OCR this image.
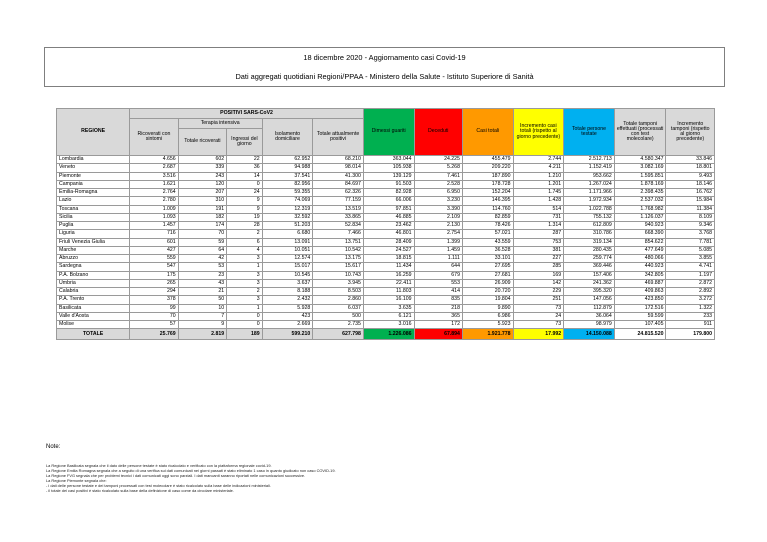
18 dicembre 2020 - Aggiornamento casi Covid-19
Dati aggregati quotidiani Regioni/PPAA - Ministero della Salute - Istituto Superiore di Sanità
REGIONE	POSITIVI SARS-CoV2					Dimessi guariti	Deceduti	Casi totali	Incremento casi totali (rispetto al giorno precedente)	Totale persone testate	Totale tamponi effettuati (processati con test molecolare)	Incremento tamponi (rispetto al giorno precedente)
	Ricoverati con sintomi	Terapia intensiva		Isolamento domiciliare	Totale attualmente positivi							
		Totale ricoverati	Ingressi del giorno									
Lombardia	4.656	602	22	62.952	68.210	363.044	24.225	455.479	2.744	2.512.713	4.580.347	33.846
Veneto	2.687	339	36	94.988	98.014	105.938	5.268	209.220	4.211	1.152.419	3.082.169	18.801
Piemonte	3.516	243	14	37.541	41.300	139.129	7.461	187.890	1.210	953.662	1.595.851	9.493
Campania	1.621	120	0	82.956	84.697	91.503	2.528	178.728	1.201	1.267.024	1.878.169	18.146
Emilia-Romagna	2.764	207	24	59.355	62.326	82.928	6.950	152.204	1.745	1.171.966	2.398.435	16.762
Lazio	2.780	310	9	74.069	77.159	66.006	3.230	146.395	1.428	1.972.934	2.537.032	15.984
Toscana	1.009	191	9	12.319	13.519	97.851	3.390	114.760	514	1.022.788	1.768.982	11.384
Sicilia	1.093	182	19	32.592	33.865	46.885	2.109	82.859	731	755.132	1.126.037	8.109
Puglia	1.457	174	28	51.203	52.834	23.462	2.130	78.426	1.314	612.809	940.923	9.346
Liguria	716	70	2	6.680	7.466	46.801	2.754	57.021	287	310.786	668.390	3.768
Friuli Venezia Giulia	601	59	6	13.091	13.751	28.409	1.399	43.559	753	319.134	854.622	7.781
Marche	427	64	4	10.051	10.542	24.527	1.459	36.528	381	280.435	477.649	5.085
Abruzzo	559	42	3	12.574	13.175	18.815	1.111	33.101	227	259.774	480.066	3.855
Sardegna	547	53	1	15.017	15.617	11.434	644	27.695	285	369.446	440.923	4.741
P.A. Bolzano	175	23	3	10.545	10.743	16.259	679	27.681	169	157.406	342.805	1.197
Umbria	265	43	3	3.637	3.945	22.411	553	26.909	142	241.362	469.887	2.872
Calabria	294	21	2	8.188	8.503	11.803	414	20.720	229	395.320	409.863	2.892
P.A. Trento	378	50	3	2.432	2.860	16.109	835	19.804	251	147.056	423.850	3.272
Basilicata	99	10	1	5.928	6.037	3.635	218	9.890	73	112.879	172.516	1.322
Valle d'Aosta	70	7	0	423	500	6.121	365	6.986	24	36.064	59.599	233
Molise	57	9	0	2.669	2.735	3.016	172	5.923	73	98.979	107.405	911
TOTALE	25.769	2.819	189	599.210	627.798	1.226.086	67.894	1.921.778	17.992	14.150.088	24.815.520	179.800
Note:
La Regione Basilicata segnala che il dato delle persone testate è stato ricalcolato e verificato con la piattaforma regionale covid-19.
La Regione Emilia Romagna segnala che a seguito di una verifica sui dati comunicati nei giorni passati è stato eliminato 1 caso in quanto giudicato non caso COVID-19.
La Regione FVG segnala che per problemi tecnici i dati comunicati oggi sono parziali. I dati mancanti saranno riportati nelle comunicazioni successive.
La Regione Piemonte segnala che:
- i dati delle persone testate e dei tamponi processati con test molecolare è stato ricalcolato sulla base delle indicazioni ministeriali.
- il totale dei casi positivi è stato ricalcolato sulla base della definizione di caso come da circolare ministeriale.
